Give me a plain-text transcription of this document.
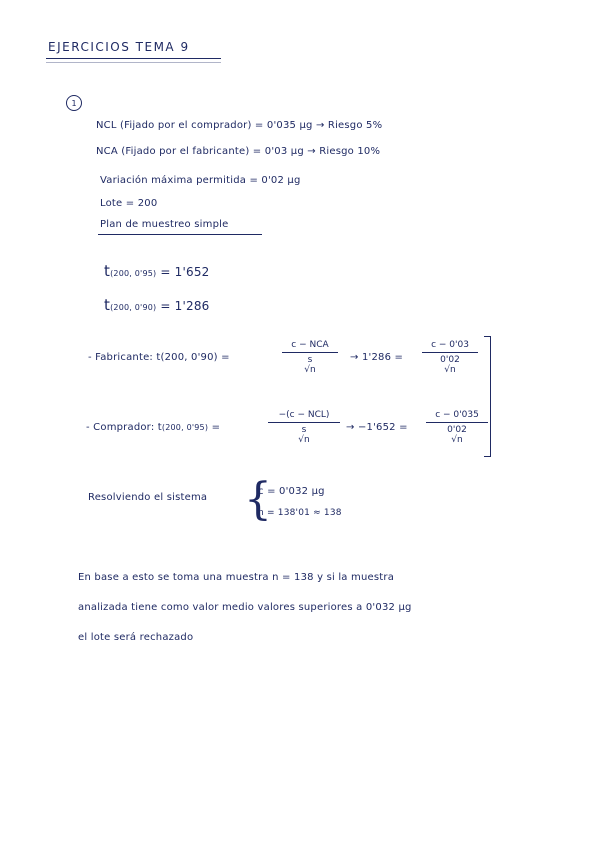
EJERCICIOS TEMA 9
1
NCL (Fijado por el comprador) = 0'035 µg → Riesgo 5%
NCA (Fijado por el fabricante) = 0'03 µg → Riesgo 10%
Variación máxima permitida = 0'02 µg
Lote = 200
Plan de muestreo simple
t(200, 0'95) = 1'652
t(200, 0'90) = 1'286
- Fabricante: t(200, 0'90) =
c − NCA
s
√n
→ 1'286 =
c − 0'03
0'02
√n
- Comprador: t(200, 0'95) =
−(c − NCL)
s
√n
→ −1'652 =
c − 0'035
0'02
√n
Resolviendo el sistema {
c = 0'032 µg
n = 138'01 ≈ 138
En base a esto se toma una muestra n = 138 y si la muestra
analizada tiene como valor medio valores superiores a 0'032 µg
el lote será rechazado
